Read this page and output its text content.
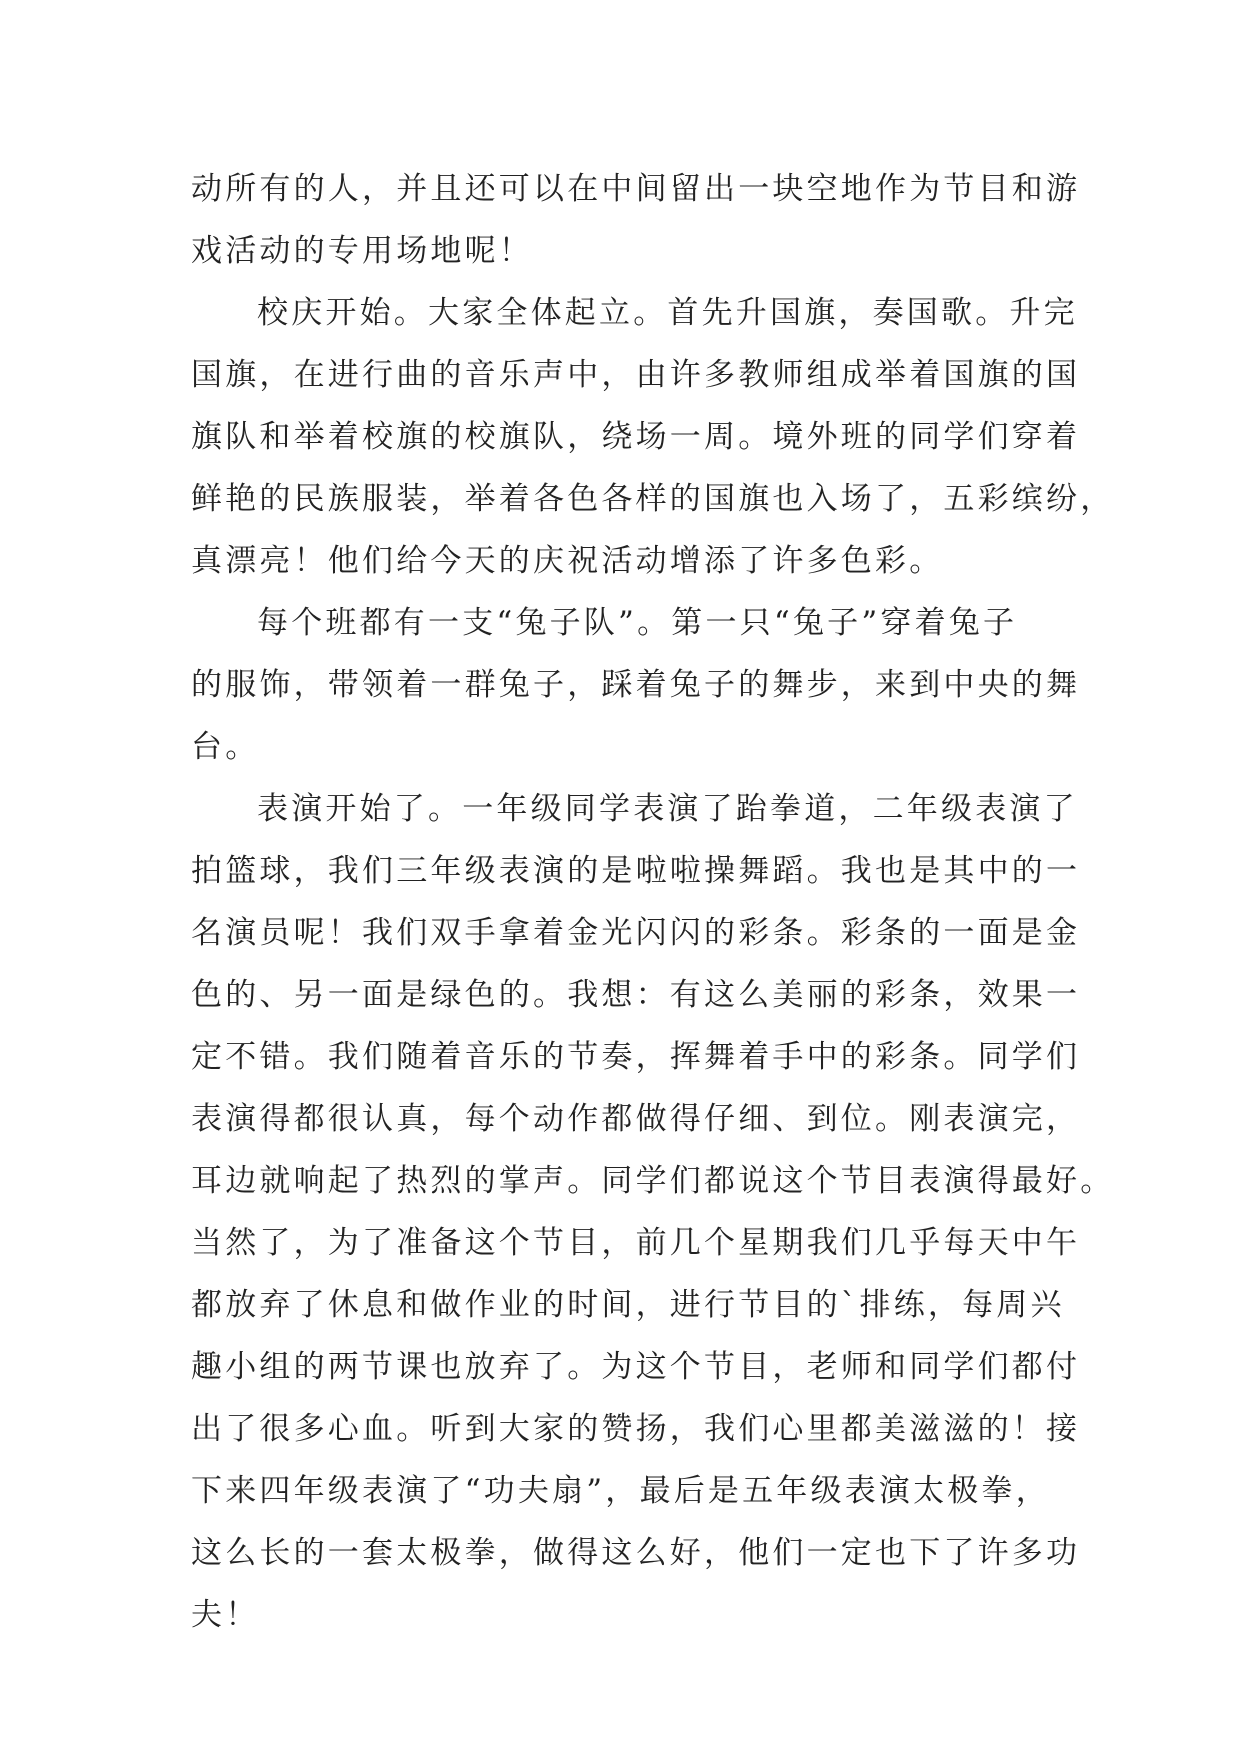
动所有的人，并且还可以在中间留出一块空地作为节目和游
戏活动的专用场地呢！
校庆开始。大家全体起立。首先升国旗，奏国歌。升完
国旗，在进行曲的音乐声中，由许多教师组成举着国旗的国
旗队和举着校旗的校旗队，绕场一周。境外班的同学们穿着
鲜艳的民族服装，举着各色各样的国旗也入场了，五彩缤纷，
真漂亮！他们给今天的庆祝活动增添了许多色彩。
每个班都有一支“兔子队”。第一只“兔子”穿着兔子
的服饰，带领着一群兔子，踩着兔子的舞步，来到中央的舞
台。
表演开始了。一年级同学表演了跆拳道，二年级表演了
拍篮球，我们三年级表演的是啦啦操舞蹈。我也是其中的一
名演员呢！我们双手拿着金光闪闪的彩条。彩条的一面是金
色的、另一面是绿色的。我想：有这么美丽的彩条，效果一
定不错。我们随着音乐的节奏，挥舞着手中的彩条。同学们
表演得都很认真，每个动作都做得仔细、到位。刚表演完，
耳边就响起了热烈的掌声。同学们都说这个节目表演得最好。
当然了，为了准备这个节目，前几个星期我们几乎每天中午
都放弃了休息和做作业的时间，进行节目的`排练，每周兴
趣小组的两节课也放弃了。为这个节目，老师和同学们都付
出了很多心血。听到大家的赞扬，我们心里都美滋滋的！接
下来四年级表演了“功夫扇”，最后是五年级表演太极拳，
这么长的一套太极拳，做得这么好，他们一定也下了许多功
夫！
